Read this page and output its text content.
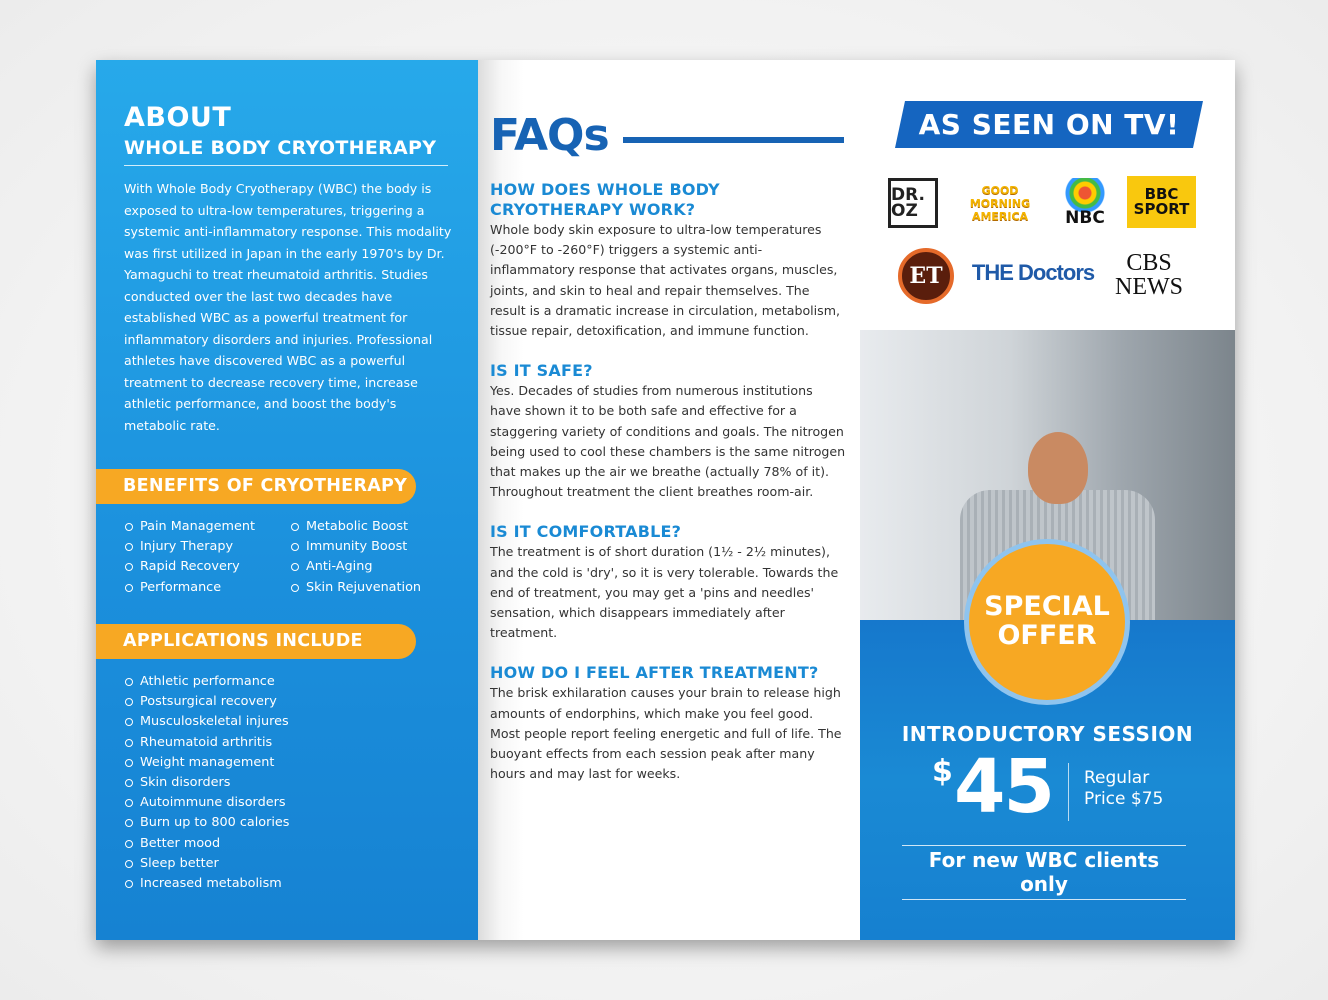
ABOUT
WHOLE BODY CRYOTHERAPY

With Whole Body Cryotherapy (WBC) the body is exposed to ultra-low temperatures, triggering a systemic anti-inflammatory response. This modality was first utilized in Japan in the early 1970's by Dr. Yamaguchi to treat rheumatoid arthritis. Studies conducted over the last two decades have established WBC as a powerful treatment for inflammatory disorders and injuries. Professional athletes have discovered WBC as a powerful treatment to decrease recovery time, increase athletic performance, and boost the body's metabolic rate.

BENEFITS OF CRYOTHERAPY
Pain Management
Injury Therapy
Rapid Recovery
Performance
Metabolic Boost
Immunity Boost
Anti-Aging
Skin Rejuvenation
APPLICATIONS INCLUDE
Athletic performance
Postsurgical recovery
Musculoskeletal injures
Rheumatoid arthritis
Weight management
Skin disorders
Autoimmune disorders
Burn up to 800 calories
Better mood
Sleep better
Increased metabolism
FAQs
HOW DOES WHOLE BODY CRYOTHERAPY WORK?

Whole body skin exposure to ultra-low temperatures (-200°F to -260°F) triggers a systemic anti-inflammatory response that activates organs, muscles, joints, and skin to heal and repair themselves. The result is a dramatic increase in circulation, metabolism, tissue repair, detoxification, and immune function.

IS IT SAFE?

Yes. Decades of studies from numerous institutions have shown it to be both safe and effective for a staggering variety of conditions and goals. The nitrogen being used to cool these chambers is the same nitrogen that makes up the air we breathe (actually 78% of it). Throughout treatment the client breathes room-air.

IS IT COMFORTABLE?

The treatment is of short duration (1½ - 2½ minutes), and the cold is 'dry', so it is very tolerable. Towards the end of treatment, you may get a 'pins and needles' sensation, which disappears immediately after treatment.

HOW DO I FEEL AFTER TREATMENT?

The brisk exhilaration causes your brain to release high amounts of endorphins, which make you feel good. Most people report feeling energetic and full of life. The buoyant effects from each session peak after many hours and may last for weeks.

AS SEEN ON TV!
DR. OZ
GOOD MORNING AMERICA	NBC
BBC SPORT
ET	THE Doctors	CBS NEWS
SPECIAL
OFFER
INTRODUCTORY SESSION
$ 45 Regular
Price $75
For new WBC clients only
